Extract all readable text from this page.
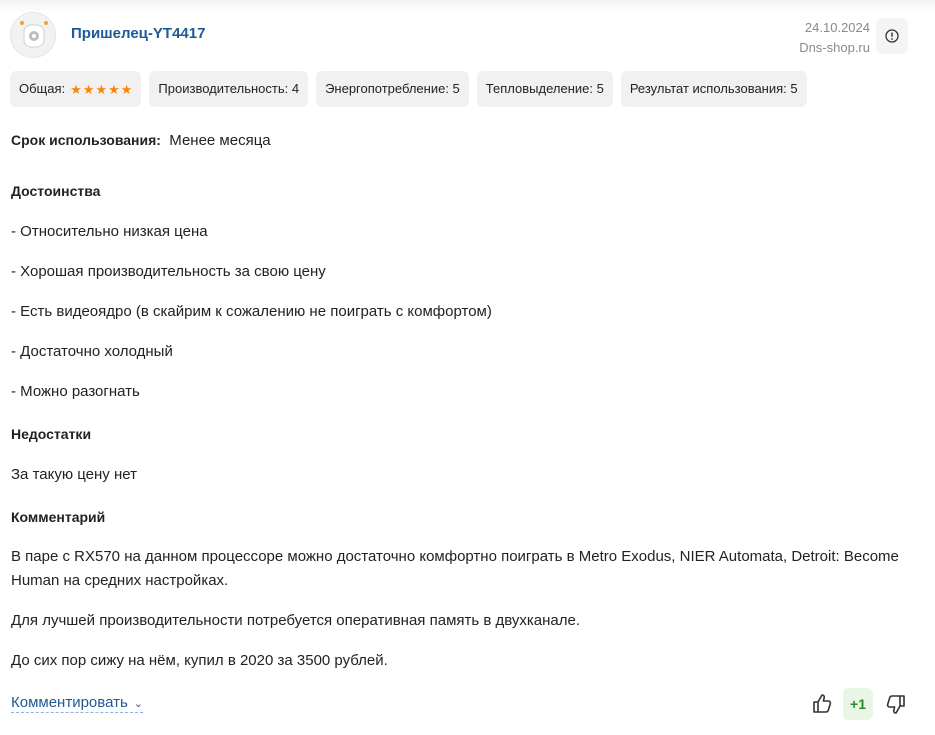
Пришелец-YT4417	24.10.2024
Dns-shop.ru
Общая: ★ ★ ★ ★ ★	Производительность: 4	Энергопотребление: 5	Тепловыделение: 5	Результат использования: 5
Срок использования: Менее месяца
Достоинства
- Относительно низкая цена
- Хорошая производительность за свою цену
- Есть видеоядро (в скайрим к сожалению не поиграть с комфортом)
- Достаточно холодный
- Можно разогнать
Недостатки
За такую цену нет
Комментарий
В паре с RX570 на данном процессоре можно достаточно комфортно поиграть в Metro Exodus, NIER Automata, Detroit: Become Human на средних настройках.
Для лучшей производительности потребуется оперативная память в двухканале.
До сих пор сижу на нём, купил в 2020 за 3500 рублей.
Комментировать ⌄	+1
